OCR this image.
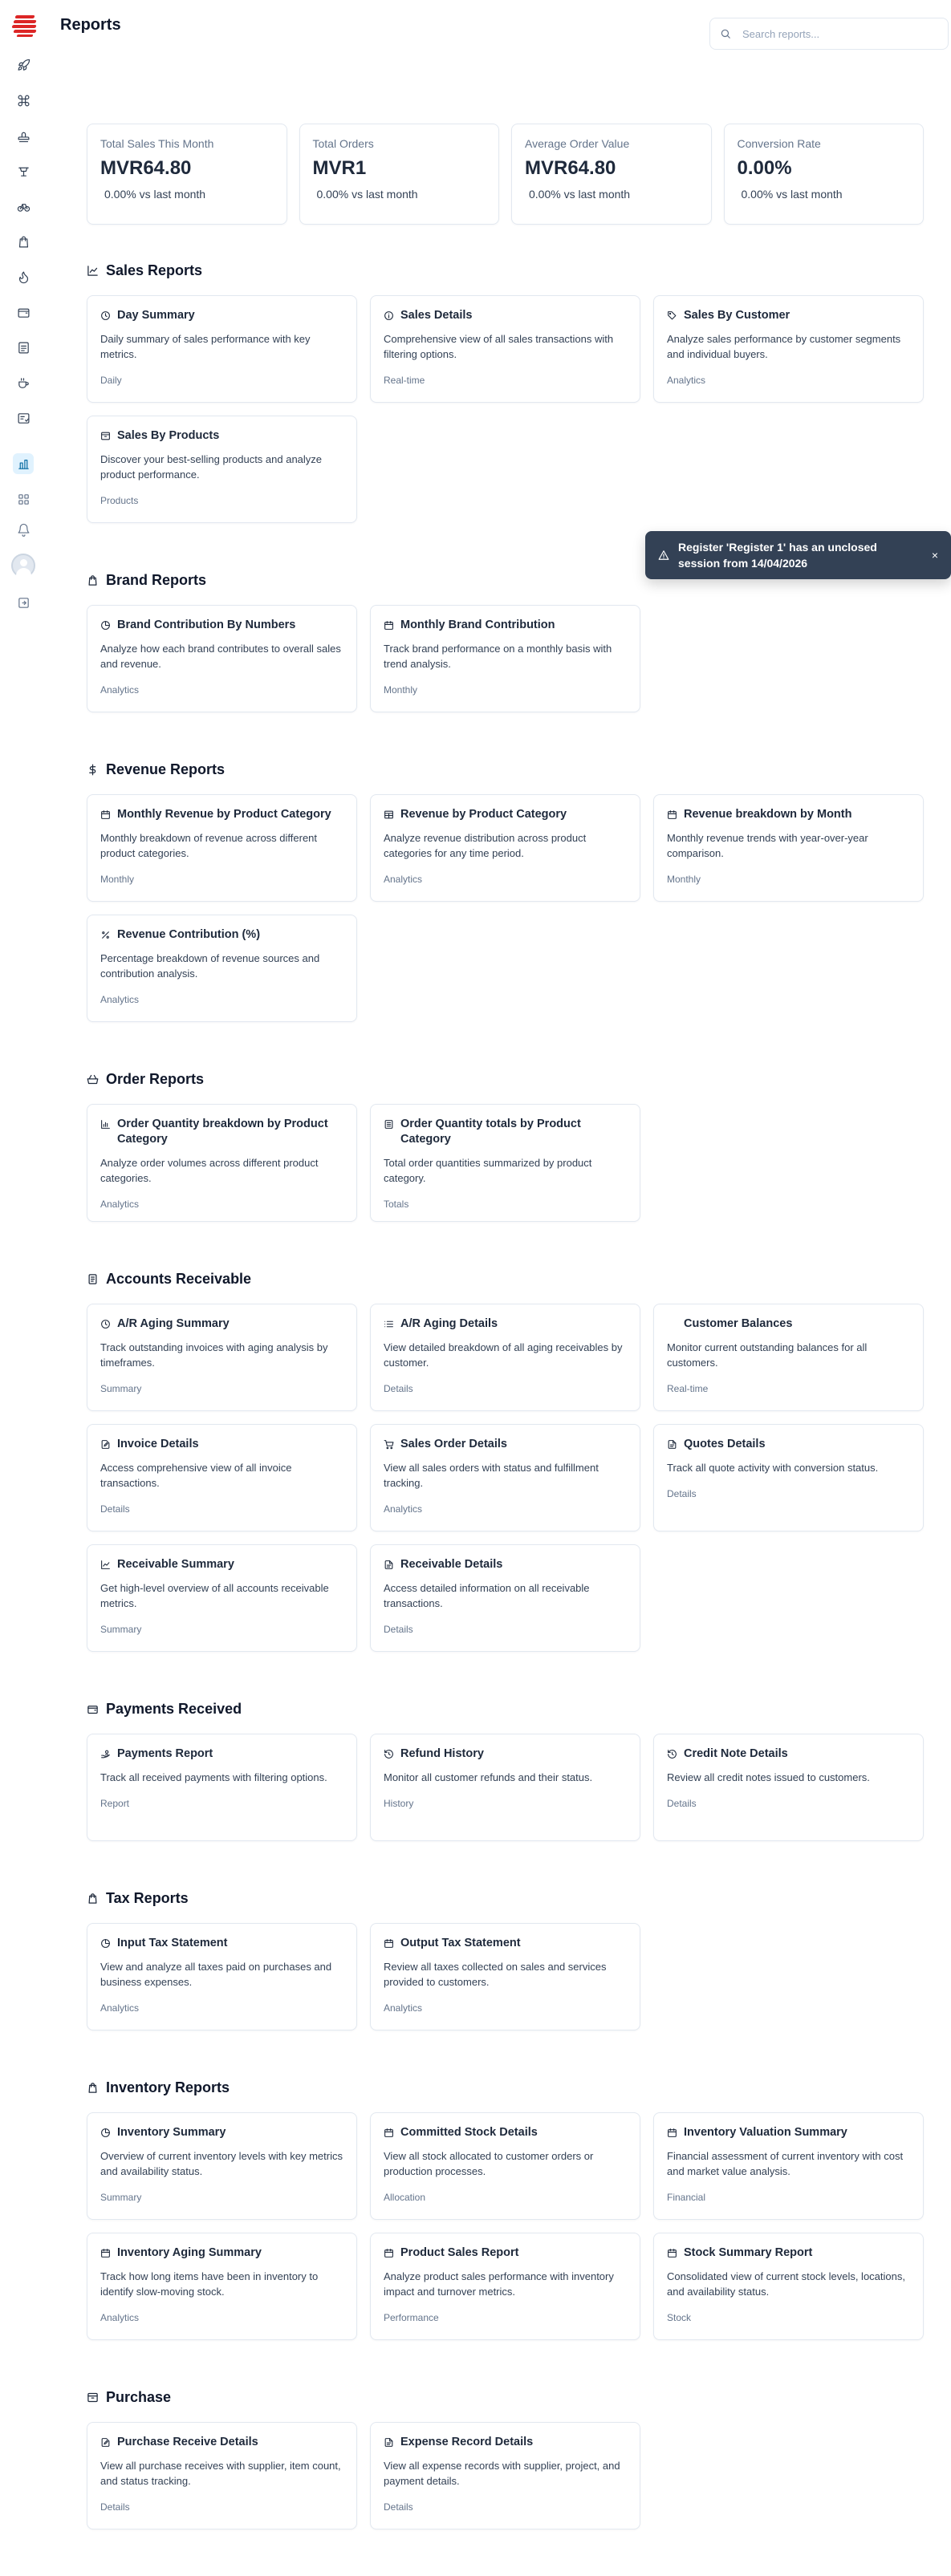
Reports
Search reports...
Total Sales This Month
MVR64.80
0.00% vs last month
Total Orders
MVR1
0.00% vs last month
Average Order Value
MVR64.80
0.00% vs last month
Conversion Rate
0.00%
0.00% vs last month
Sales Reports
Day Summary
Daily summary of sales performance with key metrics.
Daily
Sales Details
Comprehensive view of all sales transactions with filtering options.
Real-time
Sales By Customer
Analyze sales performance by customer segments and individual buyers.
Analytics
Sales By Products
Discover your best-selling products and analyze product performance.
Products
Brand Reports
Brand Contribution By Numbers
Analyze how each brand contributes to overall sales and revenue.
Analytics
Monthly Brand Contribution
Track brand performance on a monthly basis with trend analysis.
Monthly
Revenue Reports
Monthly Revenue by Product Category
Monthly breakdown of revenue across different product categories.
Monthly
Revenue by Product Category
Analyze revenue distribution across product categories for any time period.
Analytics
Revenue breakdown by Month
Monthly revenue trends with year-over-year comparison.
Monthly
Revenue Contribution (%)
Percentage breakdown of revenue sources and contribution analysis.
Analytics
Order Reports
Order Quantity breakdown by Product Category
Analyze order volumes across different product categories.
Analytics
Order Quantity totals by Product Category
Total order quantities summarized by product category.
Totals
Accounts Receivable
A/R Aging Summary
Track outstanding invoices with aging analysis by timeframes.
Summary
A/R Aging Details
View detailed breakdown of all aging receivables by customer.
Details
Customer Balances
Monitor current outstanding balances for all customers.
Real-time
Invoice Details
Access comprehensive view of all invoice transactions.
Details
Sales Order Details
View all sales orders with status and fulfillment tracking.
Analytics
Quotes Details
Track all quote activity with conversion status.
Details
Receivable Summary
Get high-level overview of all accounts receivable metrics.
Summary
Receivable Details
Access detailed information on all receivable transactions.
Details
Payments Received
Payments Report
Track all received payments with filtering options.
Report
Refund History
Monitor all customer refunds and their status.
History
Credit Note Details
Review all credit notes issued to customers.
Details
Tax Reports
Input Tax Statement
View and analyze all taxes paid on purchases and business expenses.
Analytics
Output Tax Statement
Review all taxes collected on sales and services provided to customers.
Analytics
Inventory Reports
Inventory Summary
Overview of current inventory levels with key metrics and availability status.
Summary
Committed Stock Details
View all stock allocated to customer orders or production processes.
Allocation
Inventory Valuation Summary
Financial assessment of current inventory with cost and market value analysis.
Financial
Inventory Aging Summary
Track how long items have been in inventory to identify slow-moving stock.
Analytics
Product Sales Report
Analyze product sales performance with inventory impact and turnover metrics.
Performance
Stock Summary Report
Consolidated view of current stock levels, locations, and availability status.
Stock
Purchase
Purchase Receive Details
View all purchase receives with supplier, item count, and status tracking.
Details
Expense Record Details
View all expense records with supplier, project, and payment details.
Details
Register 'Register 1' has an unclosed session from 14/04/2026
×
